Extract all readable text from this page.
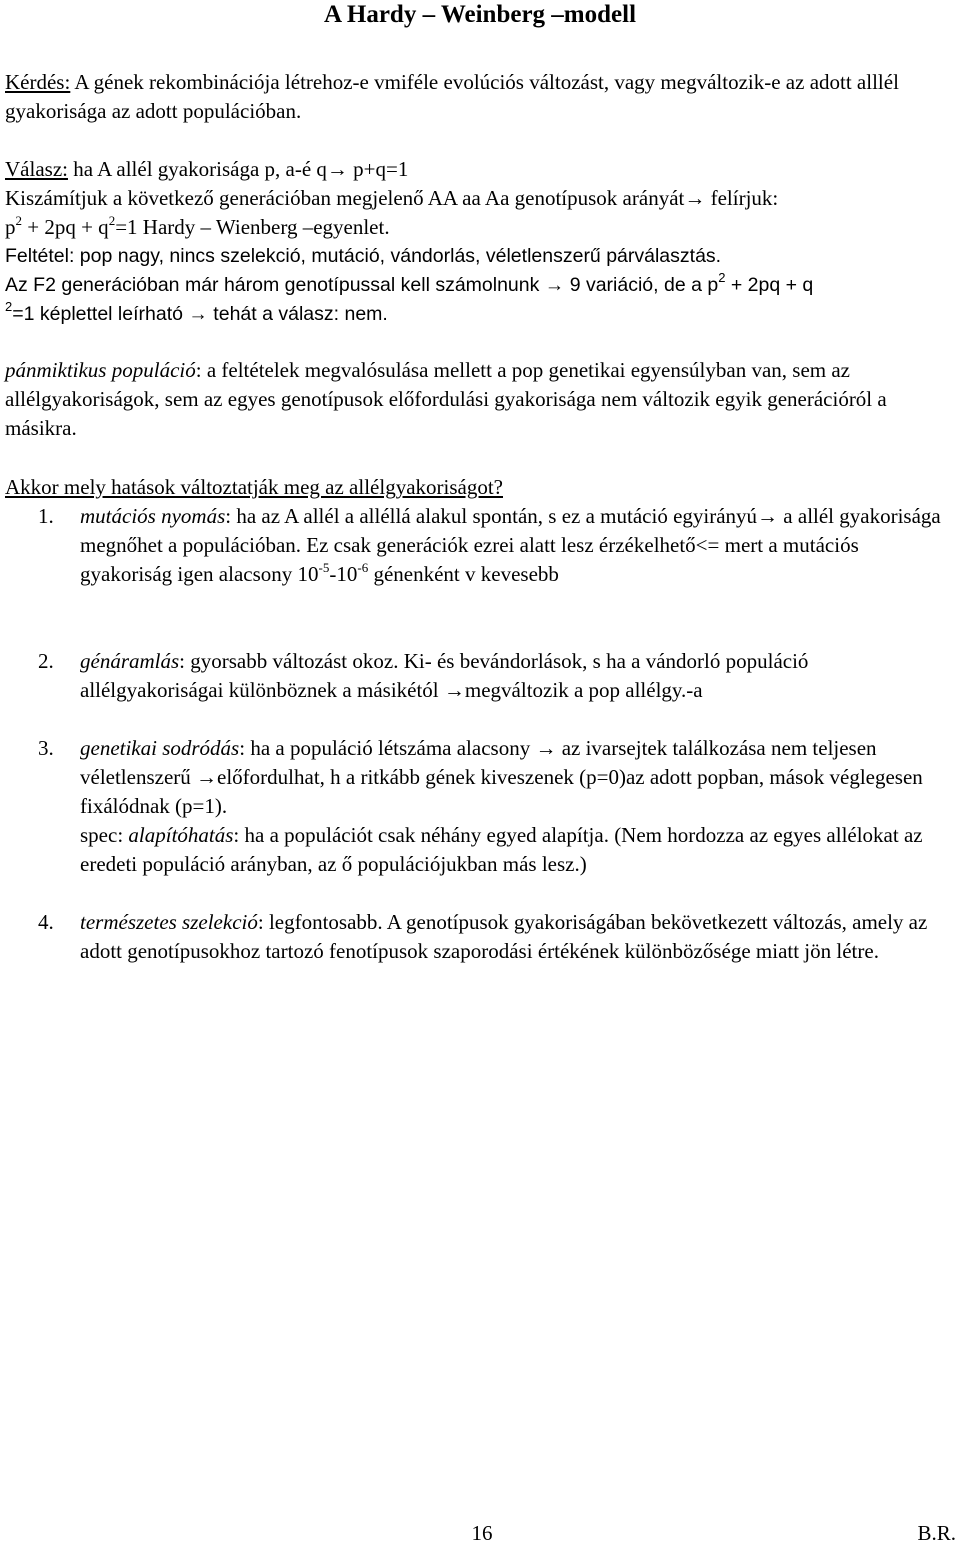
A Hardy – Weinberg –modell

Kérdés: A gének rekombinációja létrehoz-e vmiféle evolúciós változást, vagy megváltozik-e az adott alllél gyakorisága az adott populációban.

Válasz: ha A allél gyakorisága p, a-é q→ p+q=1
Kiszámítjuk a következő generációban megjelenő AA aa Aa genotípusok arányát→ felírjuk:
$p^2 + 2pq + q^2=1$ Hardy – Wienberg –egyenlet.
Feltétel: pop nagy, nincs szelekció, mutáció, vándorlás, véletlenszerű párválasztás.
Az F2 generációban már három genotípussal kell számolnunk → 9 variáció, de a $p^2 + 2pq + q$
$^2$=1 képlettel leírható → tehát a válasz: nem.

pánmiktikus populáció: a feltételek megvalósulása mellett a pop genetikai egyensúlyban van, sem az allélgyakoriságok, sem az egyes genotípusok előfordulási gyakorisága nem változik egyik generációról a másikra.

Akkor mely hatások változtatják meg az allélgyakoriságot?

1. mutációs nyomás: ha az A allél a alléllá alakul spontán, s ez a mutáció egyirányú→ a allél gyakorisága megnőhet a populációban. Ez csak generációk ezrei alatt lesz érzékelhető<= mert a mutációs gyakoriság igen alacsony $10^{-5}-10^{-6}$ génenként v kevesebb
2. génáramlás: gyorsabb változást okoz. Ki- és bevándorlások, s ha a vándorló populáció allélgyakoriságai különböznek a másikétól →megváltozik a pop allélgy.-a
3. genetikai sodródás: ha a populáció létszáma alacsony → az ivarsejtek találkozása nem teljesen véletlenszerű →előfordulhat, h a ritkább gének kiveszenek (p=0)az adott popban, mások véglegesen fixálódnak (p=1).
spec: alapítóhatás: ha a populációt csak néhány egyed alapítja. (Nem hordozza az egyes allélokat az eredeti populáció arányban, az ő populációjukban más lesz.)
4. természetes szelekció: legfontosabb. A genotípusok gyakoriságában bekövetkezett változás, amely az adott genotípusokhoz tartozó fenotípusok szaporodási értékének különbözősége miatt jön létre.
16	B.R.
